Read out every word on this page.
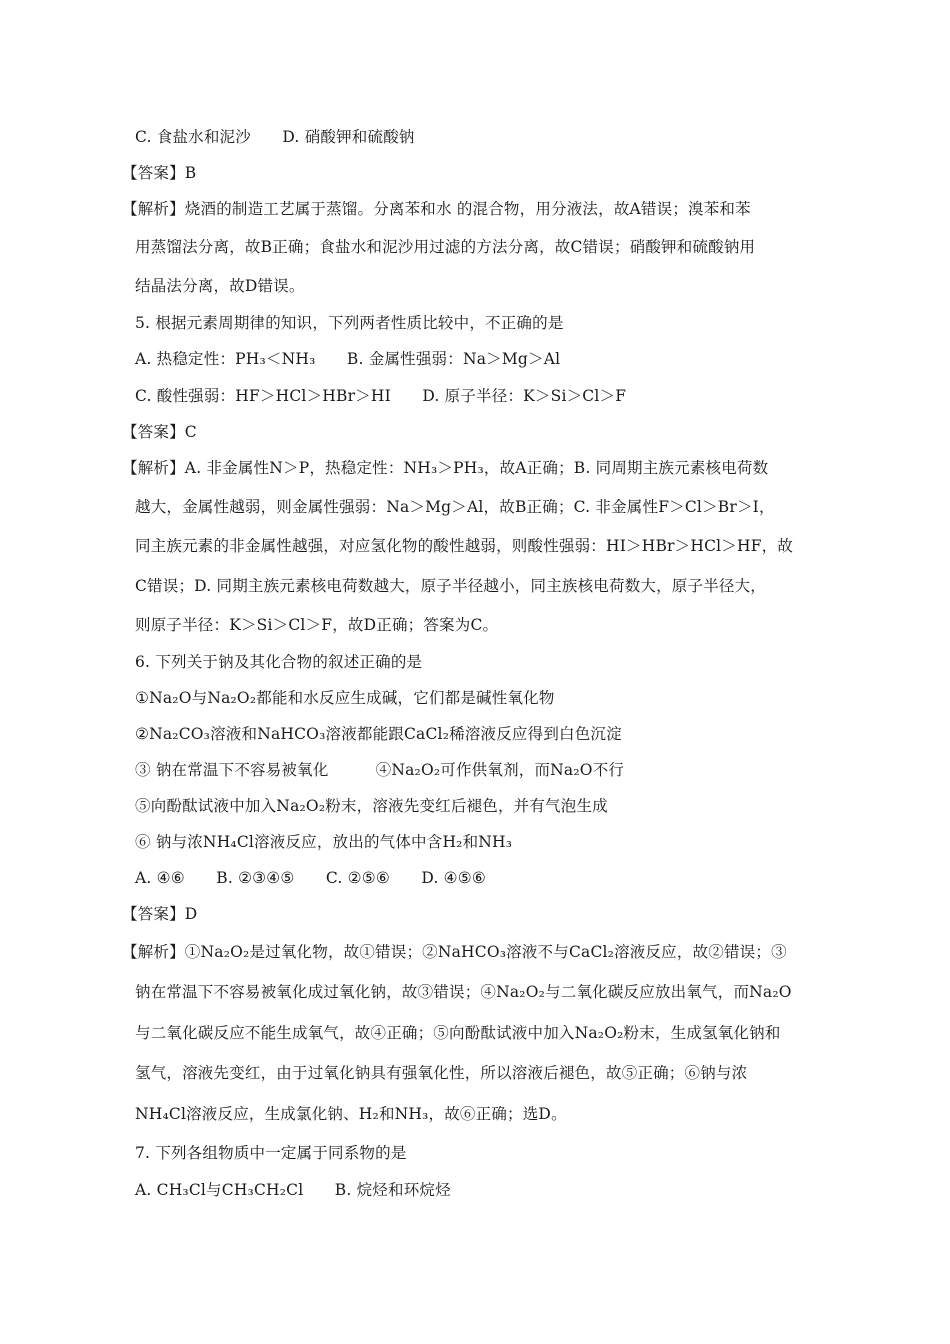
C. 食盐水和泥沙　　D. 硝酸钾和硫酸钠
【答案】B
【解析】烧酒的制造工艺属于蒸馏。分离苯和水 的混合物，用分液法，故A错误；溴苯和苯
用蒸馏法分离，故B正确；食盐水和泥沙用过滤的方法分离，故C错误；硝酸钾和硫酸钠用
结晶法分离，故D错误。
5. 根据元素周期律的知识，下列两者性质比较中，不正确的是
A. 热稳定性：PH₃＜NH₃　　B. 金属性强弱：Na＞Mg＞Al
C. 酸性强弱：HF＞HCl＞HBr＞HI　　D. 原子半径：K＞Si＞Cl＞F
【答案】C
【解析】A. 非金属性N＞P，热稳定性：NH₃＞PH₃，故A正确；B. 同周期主族元素核电荷数
越大，金属性越弱，则金属性强弱：Na＞Mg＞Al，故B正确；C. 非金属性F＞Cl＞Br＞I，
同主族元素的非金属性越强，对应氢化物的酸性越弱，则酸性强弱：HI＞HBr＞HCl＞HF，故
C错误；D. 同期主族元素核电荷数越大，原子半径越小，同主族核电荷数大，原子半径大，
则原子半径：K＞Si＞Cl＞F，故D正确；答案为C。
6. 下列关于钠及其化合物的叙述正确的是
①Na₂O与Na₂O₂都能和水反应生成碱，它们都是碱性氧化物
②Na₂CO₃溶液和NaHCO₃溶液都能跟CaCl₂稀溶液反应得到白色沉淀
③ 钠在常温下不容易被氧化　　　④Na₂O₂可作供氧剂，而Na₂O不行
⑤向酚酞试液中加入Na₂O₂粉末，溶液先变红后褪色，并有气泡生成
⑥ 钠与浓NH₄Cl溶液反应，放出的气体中含H₂和NH₃
A. ④⑥　　B. ②③④⑤　　C. ②⑤⑥　　D. ④⑤⑥
【答案】D
【解析】①Na₂O₂是过氧化物，故①错误；②NaHCO₃溶液不与CaCl₂溶液反应，故②错误；③
钠在常温下不容易被氧化成过氧化钠，故③错误；④Na₂O₂与二氧化碳反应放出氧气，而Na₂O
与二氧化碳反应不能生成氧气，故④正确；⑤向酚酞试液中加入Na₂O₂粉末，生成氢氧化钠和
氢气，溶液先变红，由于过氧化钠具有强氧化性，所以溶液后褪色，故⑤正确；⑥钠与浓
NH₄Cl溶液反应，生成氯化钠、H₂和NH₃，故⑥正确；选D。
7. 下列各组物质中一定属于同系物的是
A. CH₃Cl与CH₃CH₂Cl　　B. 烷烃和环烷烃
